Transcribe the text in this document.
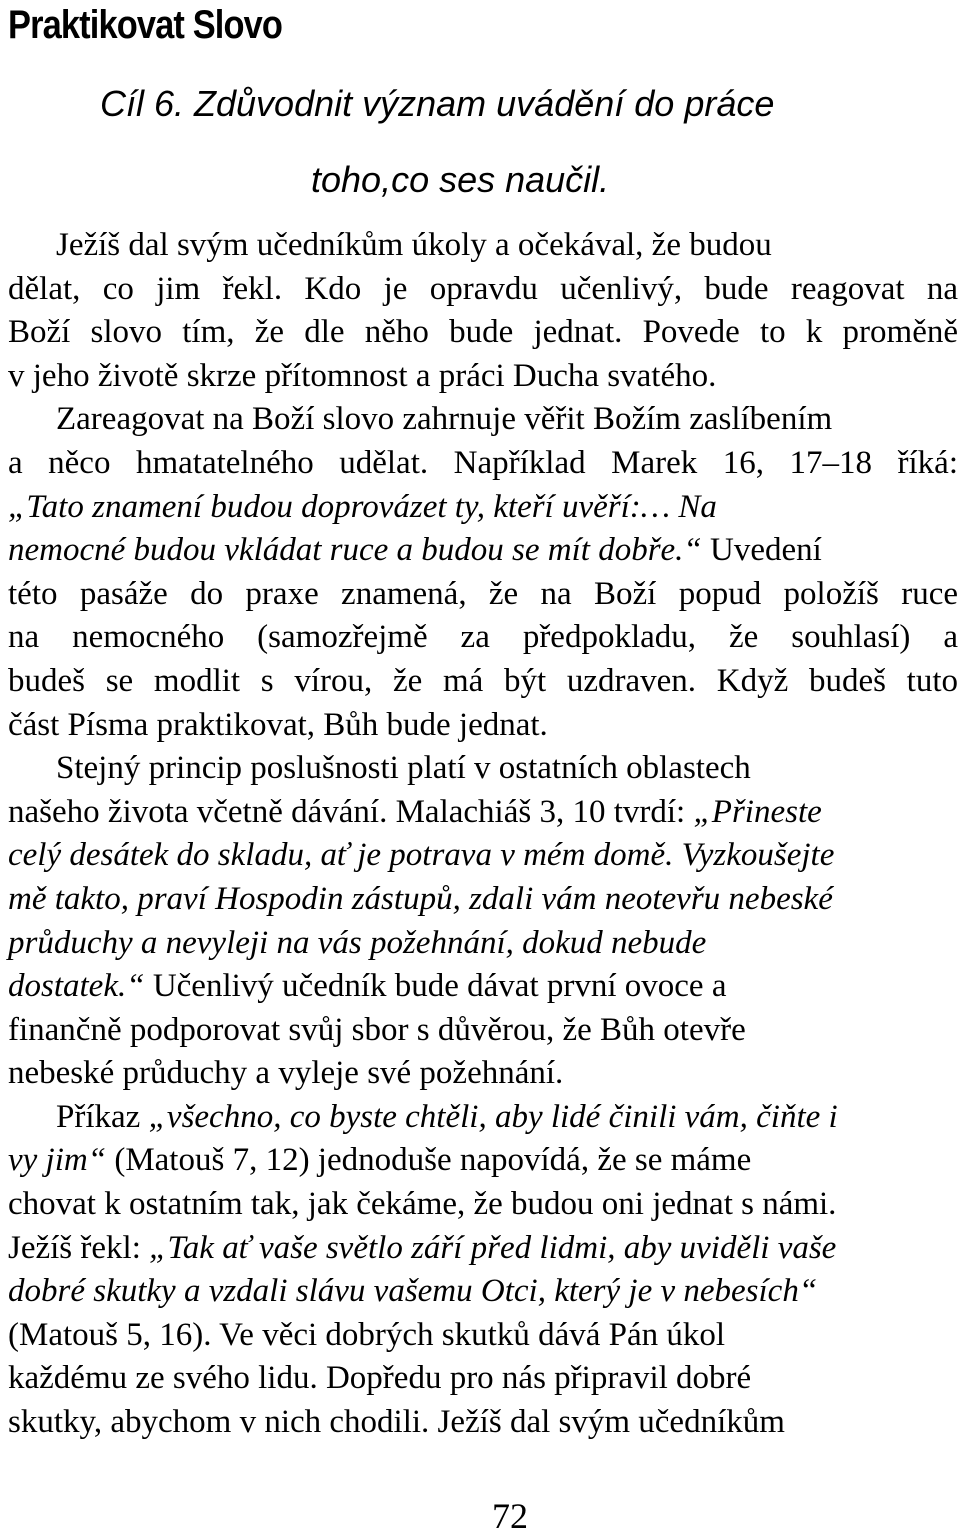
Praktikovat Slovo
Cíl 6. Zdůvodnit význam uvádění do práce
toho,co ses naučil.
Ježíš dal svým učedníkům úkoly a očekával, že budou
dělat, co jim řekl. Kdo je opravdu učenlivý, bude reagovat na
Boží slovo tím, že dle něho bude jednat. Povede to k proměně
v jeho životě skrze přítomnost a práci Ducha svatého.
Zareagovat na Boží slovo zahrnuje věřit Božím zaslíbením
a něco hmatatelného udělat. Například Marek 16, 17–18 říká:
„Tato znamení budou doprovázet ty, kteří uvěří:… Na
nemocné budou vkládat ruce a budou se mít dobře.“ Uvedení
této pasáže do praxe znamená, že na Boží popud položíš ruce
na nemocného (samozřejmě za předpokladu, že souhlasí) a
budeš se modlit s vírou, že má být uzdraven. Když budeš tuto
část Písma praktikovat, Bůh bude jednat.
Stejný princip poslušnosti platí v ostatních oblastech
našeho života včetně dávání. Malachiáš 3, 10 tvrdí: „Přineste
celý desátek do skladu, ať je potrava v mém domě. Vyzkoušejte
mě takto, praví Hospodin zástupů, zdali vám neotevřu nebeské
průduchy a nevyleji na vás požehnání, dokud nebude
dostatek.“ Učenlivý učedník bude dávat první ovoce a
finančně podporovat svůj sbor s důvěrou, že Bůh otevře
nebeské průduchy a vyleje své požehnání.
Příkaz „všechno, co byste chtěli, aby lidé činili vám, čiňte i
vy jim“ (Matouš 7, 12) jednoduše napovídá, že se máme
chovat k ostatním tak, jak čekáme, že budou oni jednat s námi.
Ježíš řekl: „Tak ať vaše světlo září před lidmi, aby uviděli vaše
dobré skutky a vzdali slávu vašemu Otci, který je v nebesích“
(Matouš 5, 16). Ve věci dobrých skutků dává Pán úkol
každému ze svého lidu. Dopředu pro nás připravil dobré
skutky, abychom v nich chodili. Ježíš dal svým učedníkům
72
